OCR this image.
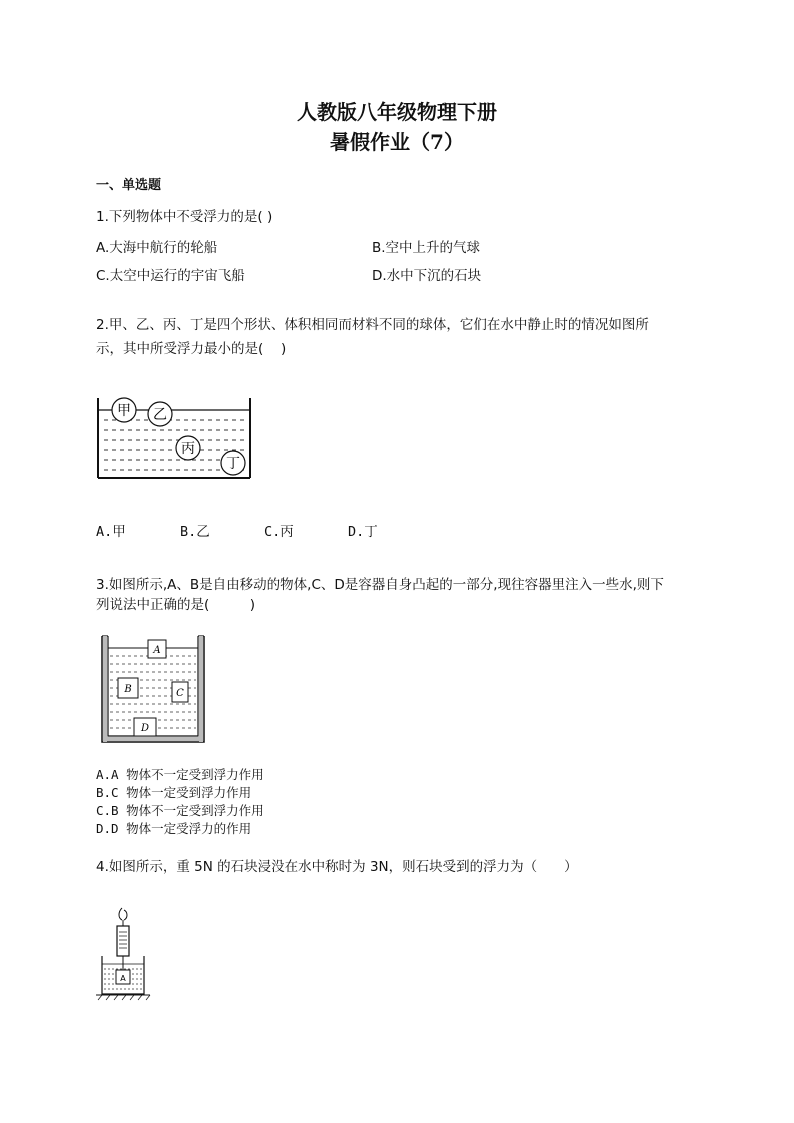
人教版八年级物理下册
暑假作业（7）
一、单选题
1.下列物体中不受浮力的是( )
A.大海中航行的轮船	B.空中上升的气球
C.太空中运行的宇宙飞船	D.水中下沉的石块
2.甲、乙、丙、丁是四个形状、体积相同而材料不同的球体，它们在水中静止时的情况如图所
示，其中所受浮力最小的是(　 )
甲 乙
丙
丁
A.甲	B.乙	C.丙	D.丁
3.如图所示,A、B是自由移动的物体,C、D是容器自身凸起的一部分,现往容器里注入一些水,则下
列说法中正确的是(　　　)
A
B	C
D
A.A 物体不一定受到浮力作用
B.C 物体一定受到浮力作用
C.B 物体不一定受到浮力作用
D.D 物体一定受浮力的作用
4.如图所示，重 5N 的石块浸没在水中称时为 3N，则石块受到的浮力为（　　）
A
